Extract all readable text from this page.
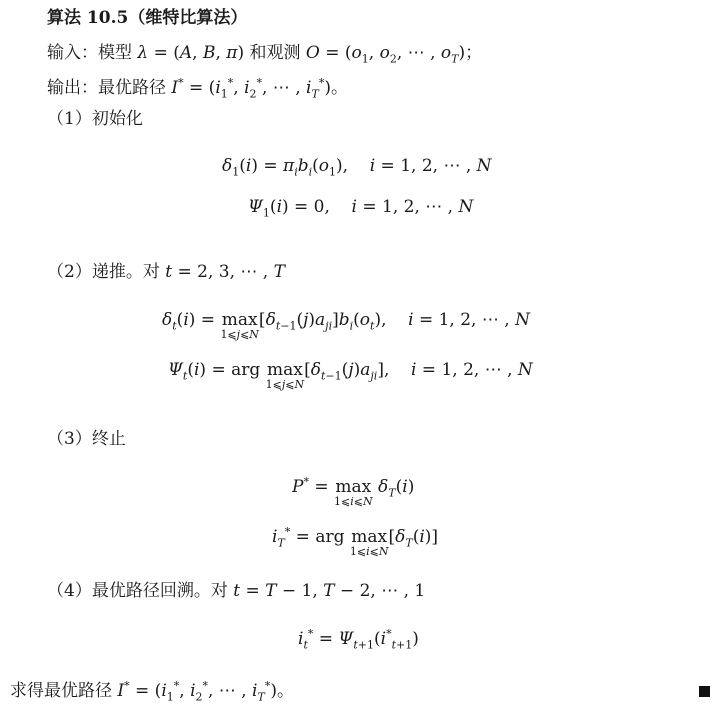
算法 10.5（维特比算法）
输入：模型 λ = (A, B, π) 和观测 $O = (o_1$, $o_2$, ⋯ , $o_T$)；
输出：最优路径 $I^* = (i_1^*$, $i_2^*$, ⋯ , $i_T^*$)。
（1）初始化
$\delta_1(i) = \pi_ib_i(o_1)$,    i = 1, 2, ⋯ , N
$\Psi_1(i) = 0$,    i = 1, 2, ⋯ , N
（2）递推。对 t = 2, 3, ⋯ , T
$\delta_t(i) = \max$
1⩽j⩽N
$[\delta_{t-1}(j)a_{ji}]b_i(o_t)$,    i = 1, 2, ⋯ , N
$\Psi_t(i)$ = arg max
1⩽j⩽N
$[\delta_{t-1}(j)a_{ji}]$,    i = 1, 2, ⋯ , N
（3）终止
P* = max
1⩽i⩽N
$\delta_T(i)$
$i_T^*$ = arg max
1⩽i⩽N
$[\delta_T(i)]$
（4）最优路径回溯。对 t = T − 1, T − 2, ⋯ , 1
$i_t^* = \Psi_{t+1}(i^*_{t+1})$
求得最优路径 $I^* = (i_1^*$, $i_2^*$, ⋯ , $i_T^*$)。
